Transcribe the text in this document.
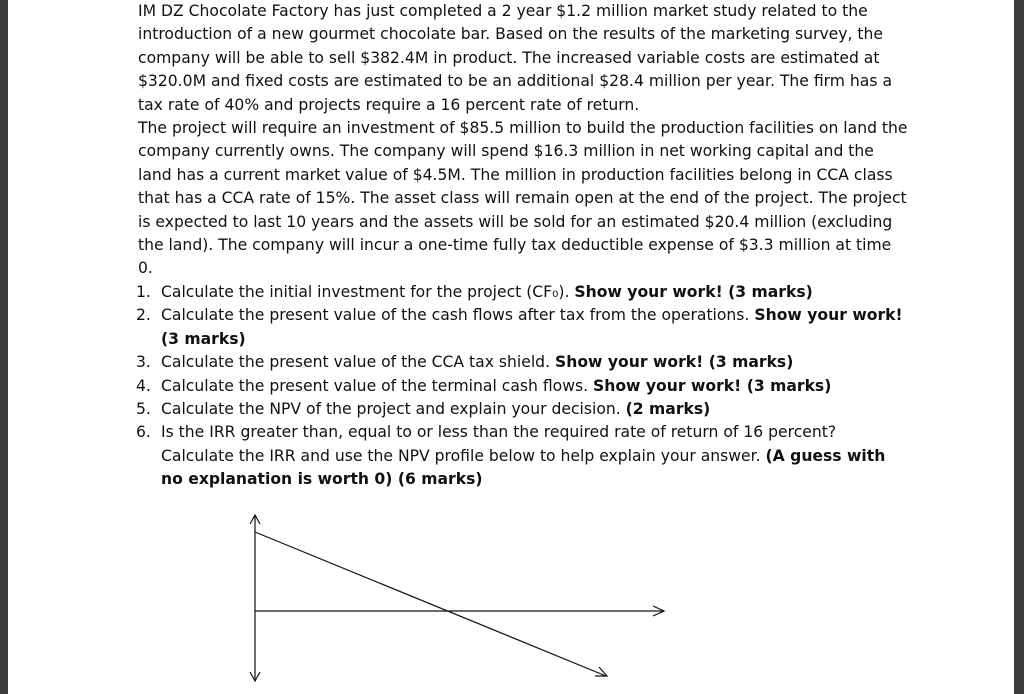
IM DZ Chocolate Factory has just completed a 2 year $1.2 million market study related to the introduction of a new gourmet chocolate bar. Based on the results of the marketing survey, the company will be able to sell $382.4M in product. The increased variable costs are estimated at $320.0M and fixed costs are estimated to be an additional $28.4 million per year. The firm has a tax rate of 40% and projects require a 16 percent rate of return.

The project will require an investment of $85.5 million to build the production facilities on land the company currently owns. The company will spend $16.3 million in net working capital and the land has a current market value of $4.5M. The million in production facilities belong in CCA class that has a CCA rate of 15%. The asset class will remain open at the end of the project. The project is expected to last 10 years and the assets will be sold for an estimated $20.4 million (excluding the land). The company will incur a one-time fully tax deductible expense of $3.3 million at time 0.

1. Calculate the initial investment for the project (CF₀). Show your work! (3 marks)
2. Calculate the present value of the cash flows after tax from the operations. Show your work! (3 marks)
3. Calculate the present value of the CCA tax shield. Show your work! (3 marks)
4. Calculate the present value of the terminal cash flows. Show your work! (3 marks)
5. Calculate the NPV of the project and explain your decision. (2 marks)
6. Is the IRR greater than, equal to or less than the required rate of return of 16 percent? Calculate the IRR and use the NPV profile below to help explain your answer. (A guess with no explanation is worth 0) (6 marks)
